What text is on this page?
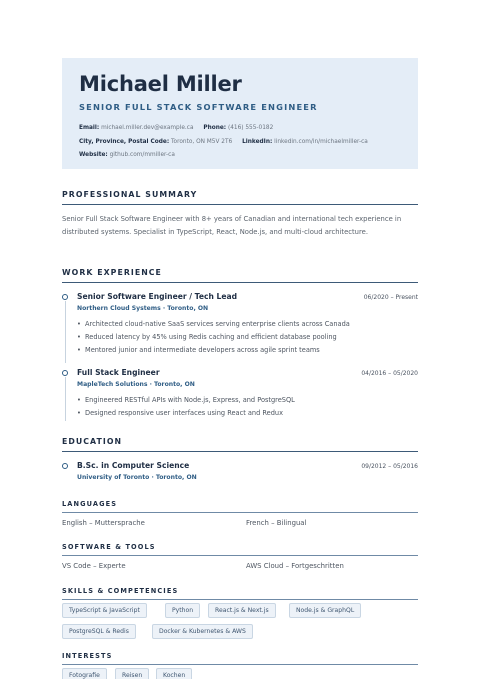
Michael Miller
SENIOR FULL STACK SOFTWARE ENGINEER
Email: michael.miller.dev@example.ca Phone: (416) 555-0182
City, Province, Postal Code: Toronto, ON M5V 2T6 LinkedIn: linkedin.com/in/michaelmiller-ca
Website: github.com/mmiller-ca
PROFESSIONAL SUMMARY
Senior Full Stack Software Engineer with 8+ years of Canadian and international tech experience in distributed systems. Specialist in TypeScript, React, Node.js, and multi-cloud architecture.
WORK EXPERIENCE
Senior Software Engineer / Tech Lead	06/2020 – Present
Northern Cloud Systems · Toronto, ON
• Architected cloud-native SaaS services serving enterprise clients across Canada
• Reduced latency by 45% using Redis caching and efficient database pooling
• Mentored junior and intermediate developers across agile sprint teams
Full Stack Engineer	04/2016 – 05/2020
MapleTech Solutions · Toronto, ON
• Engineered RESTful APIs with Node.js, Express, and PostgreSQL
• Designed responsive user interfaces using React and Redux
EDUCATION
B.Sc. in Computer Science	09/2012 – 05/2016
University of Toronto · Toronto, ON
LANGUAGES
English – Muttersprache	French – Bilingual
SOFTWARE & TOOLS
VS Code – Experte	AWS Cloud – Fortgeschritten
SKILLS & COMPETENCIES
TypeScript & JavaScript	Python	React.js & Next.js	Node.js & GraphQL
PostgreSQL & Redis	Docker & Kubernetes & AWS
INTERESTS
Fotografie	Reisen	Kochen
